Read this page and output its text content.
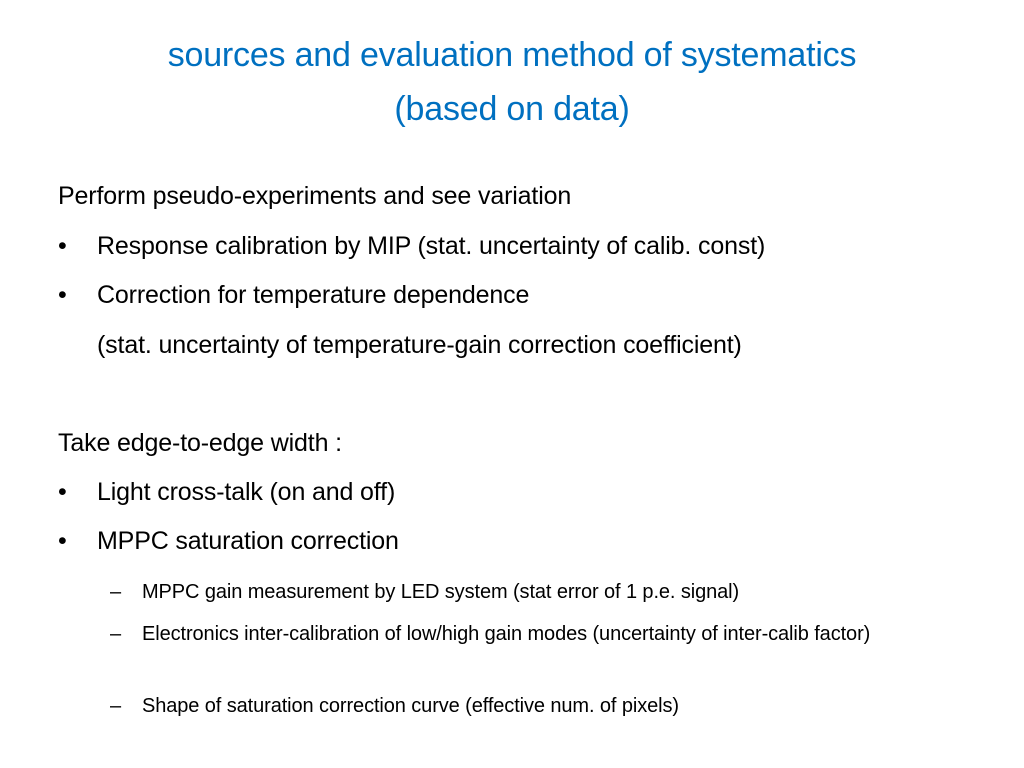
sources and evaluation method of systematics
(based on data)
Perform pseudo-experiments and see variation
•	Response calibration by MIP (stat. uncertainty of calib. const)
•	Correction for temperature dependence
(stat. uncertainty of temperature-gain correction coefficient)
Take edge-to-edge width :
•	Light cross-talk (on and off)
•	MPPC saturation correction
– MPPC gain measurement by LED system (stat error of 1 p.e. signal)
– Electronics inter-calibration of low/high gain modes (uncertainty of inter-calib factor)
– Shape of saturation correction curve (effective num. of pixels)
